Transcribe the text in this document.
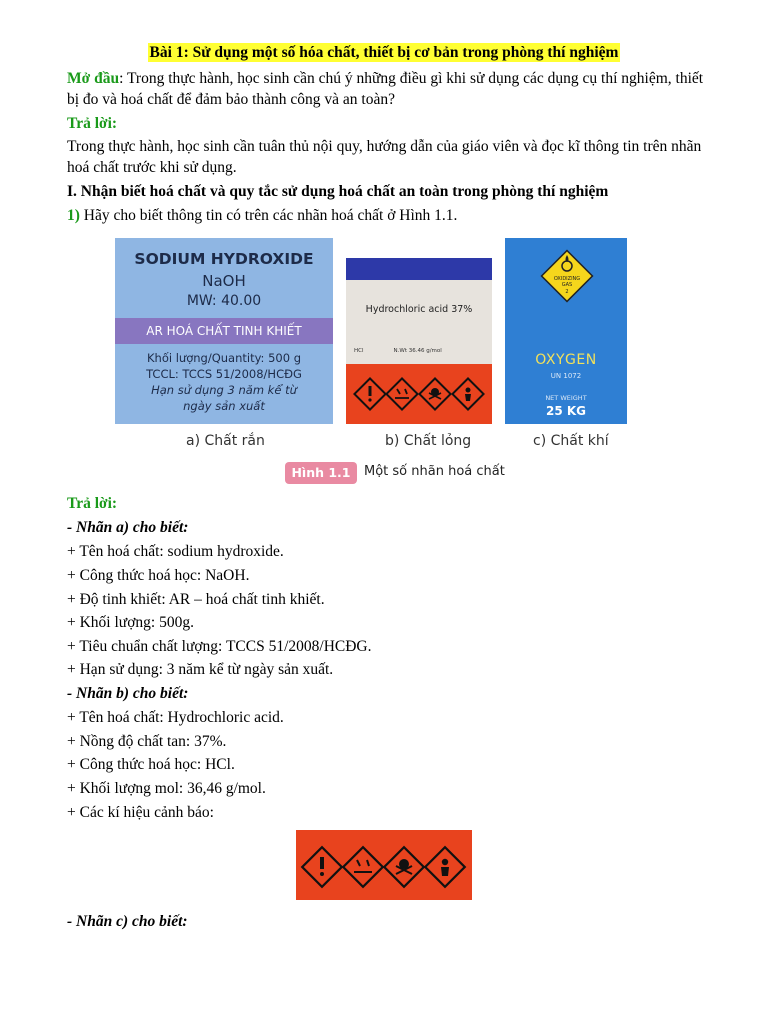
Bài 1: Sử dụng một số hóa chất, thiết bị cơ bản trong phòng thí nghiệm
Mở đầu: Trong thực hành, học sinh cần chú ý những điều gì khi sử dụng các dụng cụ thí nghiệm, thiết bị đo và hoá chất để đảm bảo thành công và an toàn?
Trả lời:
Trong thực hành, học sinh cần tuân thủ nội quy, hướng dẫn của giáo viên và đọc kĩ thông tin trên nhãn hoá chất trước khi sử dụng.
I. Nhận biết hoá chất và quy tắc sử dụng hoá chất an toàn trong phòng thí nghiệm
1) Hãy cho biết thông tin có trên các nhãn hoá chất ở Hình 1.1.
SODIUM HYDROXIDE
NaOH
MW: 40.00
AR HOÁ CHẤT TINH KHIẾT
Khối lượng/Quantity: 500 g
TCCL: TCCS 51/2008/HCĐG
Hạn sử dụng 3 năm kể từ
ngày sản xuất
Hydrochloric acid 37%
HCl	N.Wt 36.46 g/mol
OXIDIZING
GAS
2
OXYGEN
UN 1072
NET WEIGHT
25 KG
a) Chất rắn	b) Chất lỏng	c) Chất khí
Hình 1.1	Một số nhãn hoá chất
Trả lời:
- Nhãn a) cho biết:
+ Tên hoá chất: sodium hydroxide.
+ Công thức hoá học: NaOH.
+ Độ tinh khiết: AR – hoá chất tinh khiết.
+ Khối lượng: 500g.
+ Tiêu chuẩn chất lượng: TCCS 51/2008/HCĐG.
+ Hạn sử dụng: 3 năm kể từ ngày sản xuất.
- Nhãn b) cho biết:
+ Tên hoá chất: Hydrochloric acid.
+ Nồng độ chất tan: 37%.
+ Công thức hoá học: HCl.
+ Khối lượng mol: 36,46 g/mol.
+ Các kí hiệu cảnh báo:
- Nhãn c) cho biết:
